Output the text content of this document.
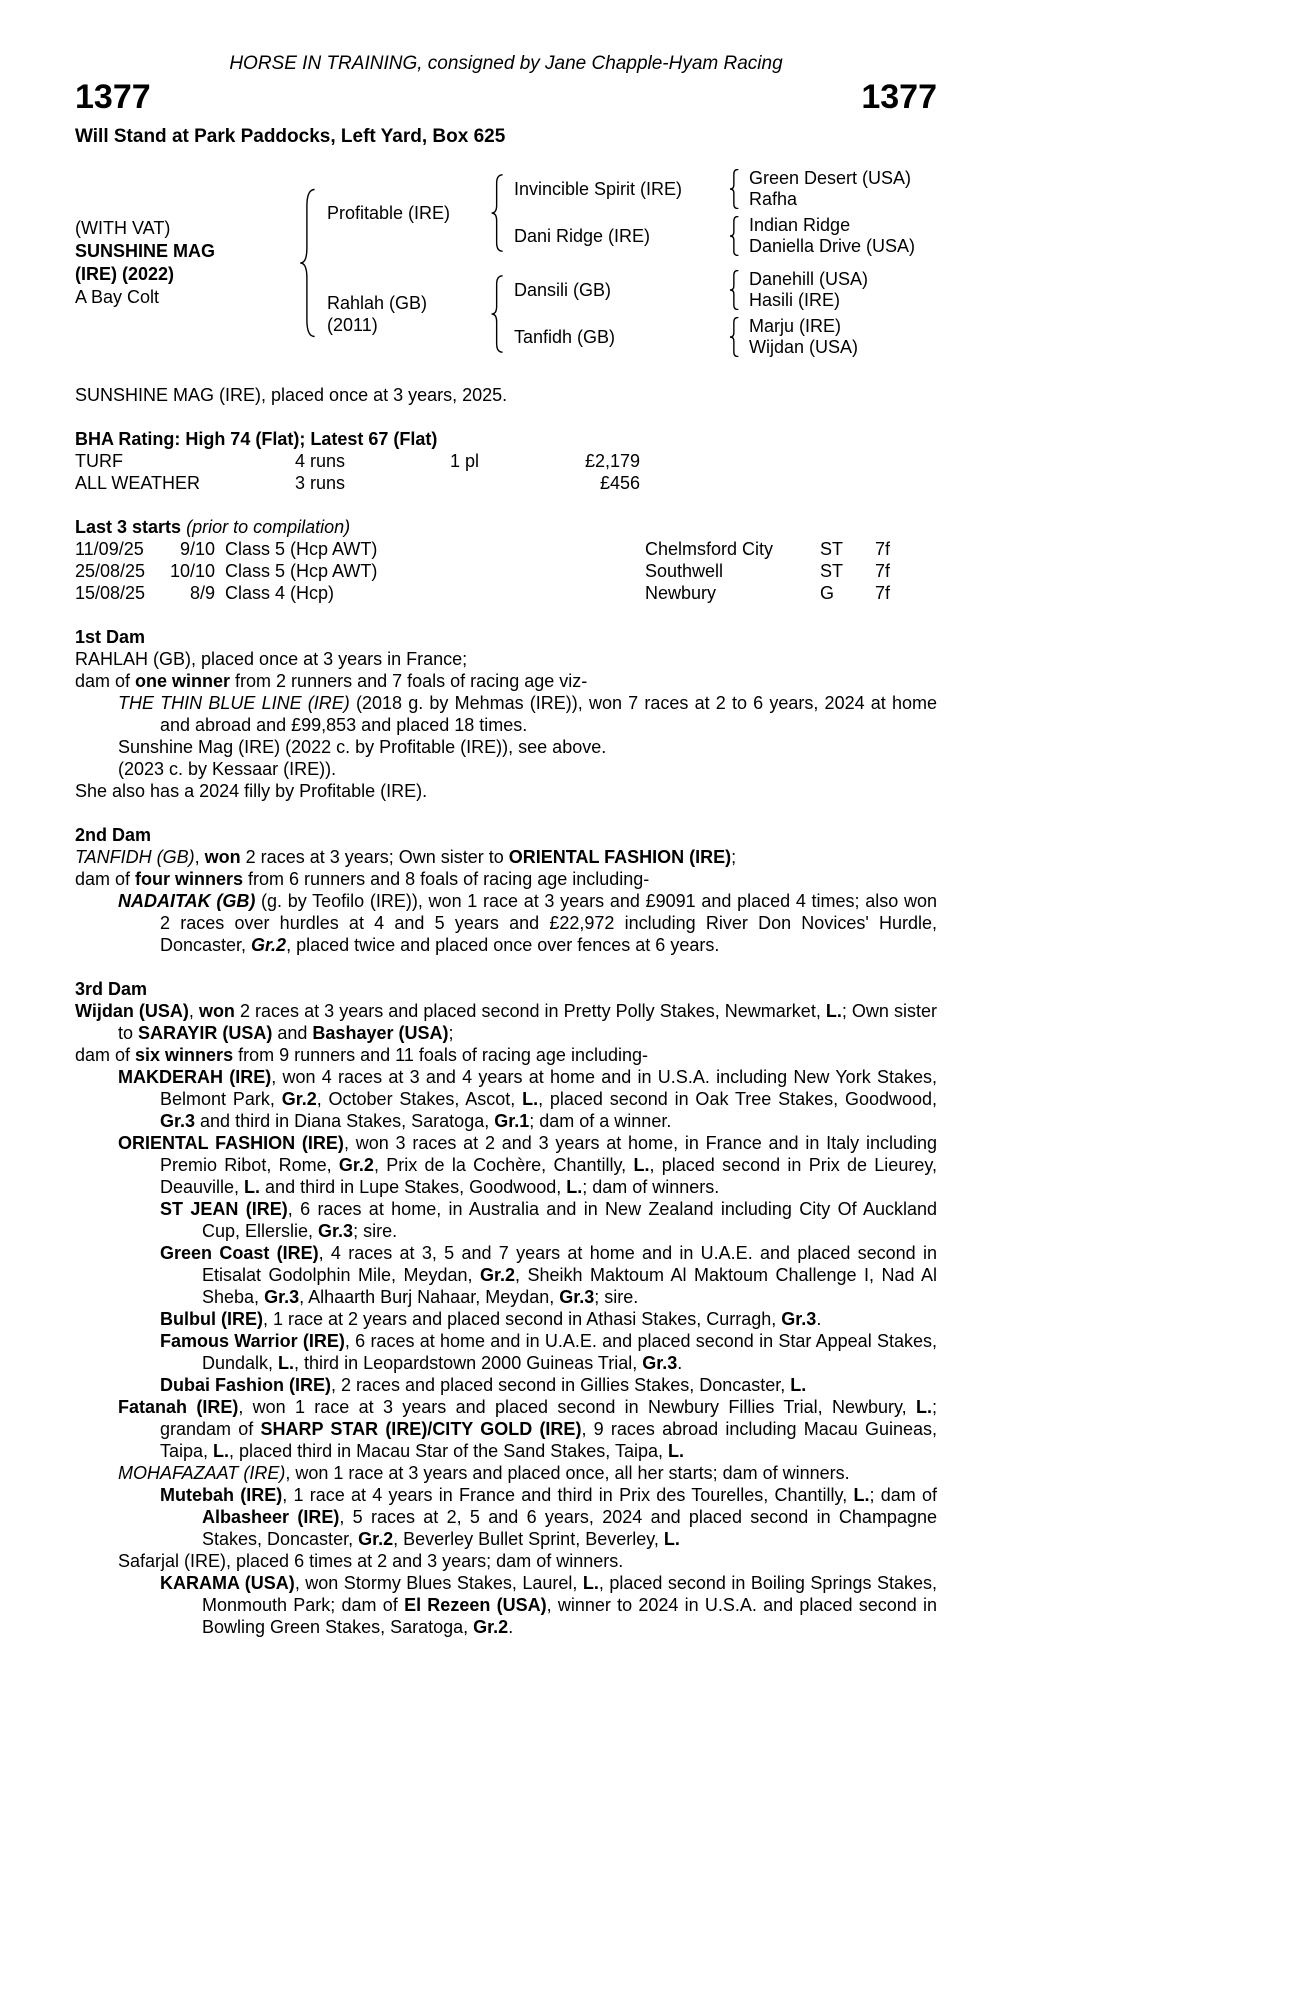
HORSE IN TRAINING, consigned by Jane Chapple-Hyam Racing
1377	1377
Will Stand at Park Paddocks, Left Yard, Box 625
(WITH VAT)
SUNSHINE MAG
(IRE) (2022)
A Bay Colt
Profitable (IRE)
Invincible Spirit (IRE)
Green Desert (USA)
Rafha
Dani Ridge (IRE)
Indian Ridge
Daniella Drive (USA)
Rahlah (GB)
(2011)
Dansili (GB)
Danehill (USA)
Hasili (IRE)
Tanfidh (GB)
Marju (IRE)
Wijdan (USA)
SUNSHINE MAG (IRE), placed once at 3 years, 2025.
BHA Rating: High 74 (Flat); Latest 67 (Flat)
TURF	4 runs	1 pl	£2,179
ALL WEATHER	3 runs	£456
Last 3 starts (prior to compilation)
11/09/25	9/10 Class 5 (Hcp AWT)	Chelmsford City	ST	7f
25/08/25	10/10 Class 5 (Hcp AWT)	Southwell	ST	7f
15/08/25	8/9 Class 4 (Hcp)	Newbury	G	7f
1st Dam

RAHLAH (GB), placed once at 3 years in France;

dam of one winner from 2 runners and 7 foals of racing age viz-

THE THIN BLUE LINE (IRE) (2018 g. by Mehmas (IRE)), won 7 races at 2 to 6 years, 2024 at home and abroad and £99,853 and placed 18 times.

Sunshine Mag (IRE) (2022 c. by Profitable (IRE)), see above.

(2023 c. by Kessaar (IRE)).

She also has a 2024 filly by Profitable (IRE).

2nd Dam

TANFIDH (GB), won 2 races at 3 years; Own sister to ORIENTAL FASHION (IRE);

dam of four winners from 6 runners and 8 foals of racing age including-

NADAITAK (GB) (g. by Teofilo (IRE)), won 1 race at 3 years and £9091 and placed 4 times; also won 2 races over hurdles at 4 and 5 years and £22,972 including River Don Novices' Hurdle, Doncaster, Gr.2, placed twice and placed once over fences at 6 years.

3rd Dam

Wijdan (USA), won 2 races at 3 years and placed second in Pretty Polly Stakes, Newmarket, L.; Own sister to SARAYIR (USA) and Bashayer (USA);

dam of six winners from 9 runners and 11 foals of racing age including-

MAKDERAH (IRE), won 4 races at 3 and 4 years at home and in U.S.A. including New York Stakes, Belmont Park, Gr.2, October Stakes, Ascot, L., placed second in Oak Tree Stakes, Goodwood, Gr.3 and third in Diana Stakes, Saratoga, Gr.1; dam of a winner.

ORIENTAL FASHION (IRE), won 3 races at 2 and 3 years at home, in France and in Italy including Premio Ribot, Rome, Gr.2, Prix de la Cochère, Chantilly, L., placed second in Prix de Lieurey, Deauville, L. and third in Lupe Stakes, Goodwood, L.; dam of winners.

ST JEAN (IRE), 6 races at home, in Australia and in New Zealand including City Of Auckland Cup, Ellerslie, Gr.3; sire.

Green Coast (IRE), 4 races at 3, 5 and 7 years at home and in U.A.E. and placed second in Etisalat Godolphin Mile, Meydan, Gr.2, Sheikh Maktoum Al Maktoum Challenge I, Nad Al Sheba, Gr.3, Alhaarth Burj Nahaar, Meydan, Gr.3; sire.

Bulbul (IRE), 1 race at 2 years and placed second in Athasi Stakes, Curragh, Gr.3.

Famous Warrior (IRE), 6 races at home and in U.A.E. and placed second in Star Appeal Stakes, Dundalk, L., third in Leopardstown 2000 Guineas Trial, Gr.3.

Dubai Fashion (IRE), 2 races and placed second in Gillies Stakes, Doncaster, L.

Fatanah (IRE), won 1 race at 3 years and placed second in Newbury Fillies Trial, Newbury, L.; grandam of SHARP STAR (IRE)/CITY GOLD (IRE), 9 races abroad including Macau Guineas, Taipa, L., placed third in Macau Star of the Sand Stakes, Taipa, L.

MOHAFAZAAT (IRE), won 1 race at 3 years and placed once, all her starts; dam of winners.

Mutebah (IRE), 1 race at 4 years in France and third in Prix des Tourelles, Chantilly, L.; dam of Albasheer (IRE), 5 races at 2, 5 and 6 years, 2024 and placed second in Champagne Stakes, Doncaster, Gr.2, Beverley Bullet Sprint, Beverley, L.

Safarjal (IRE), placed 6 times at 2 and 3 years; dam of winners.

KARAMA (USA), won Stormy Blues Stakes, Laurel, L., placed second in Boiling Springs Stakes, Monmouth Park; dam of El Rezeen (USA), winner to 2024 in U.S.A. and placed second in Bowling Green Stakes, Saratoga, Gr.2.
